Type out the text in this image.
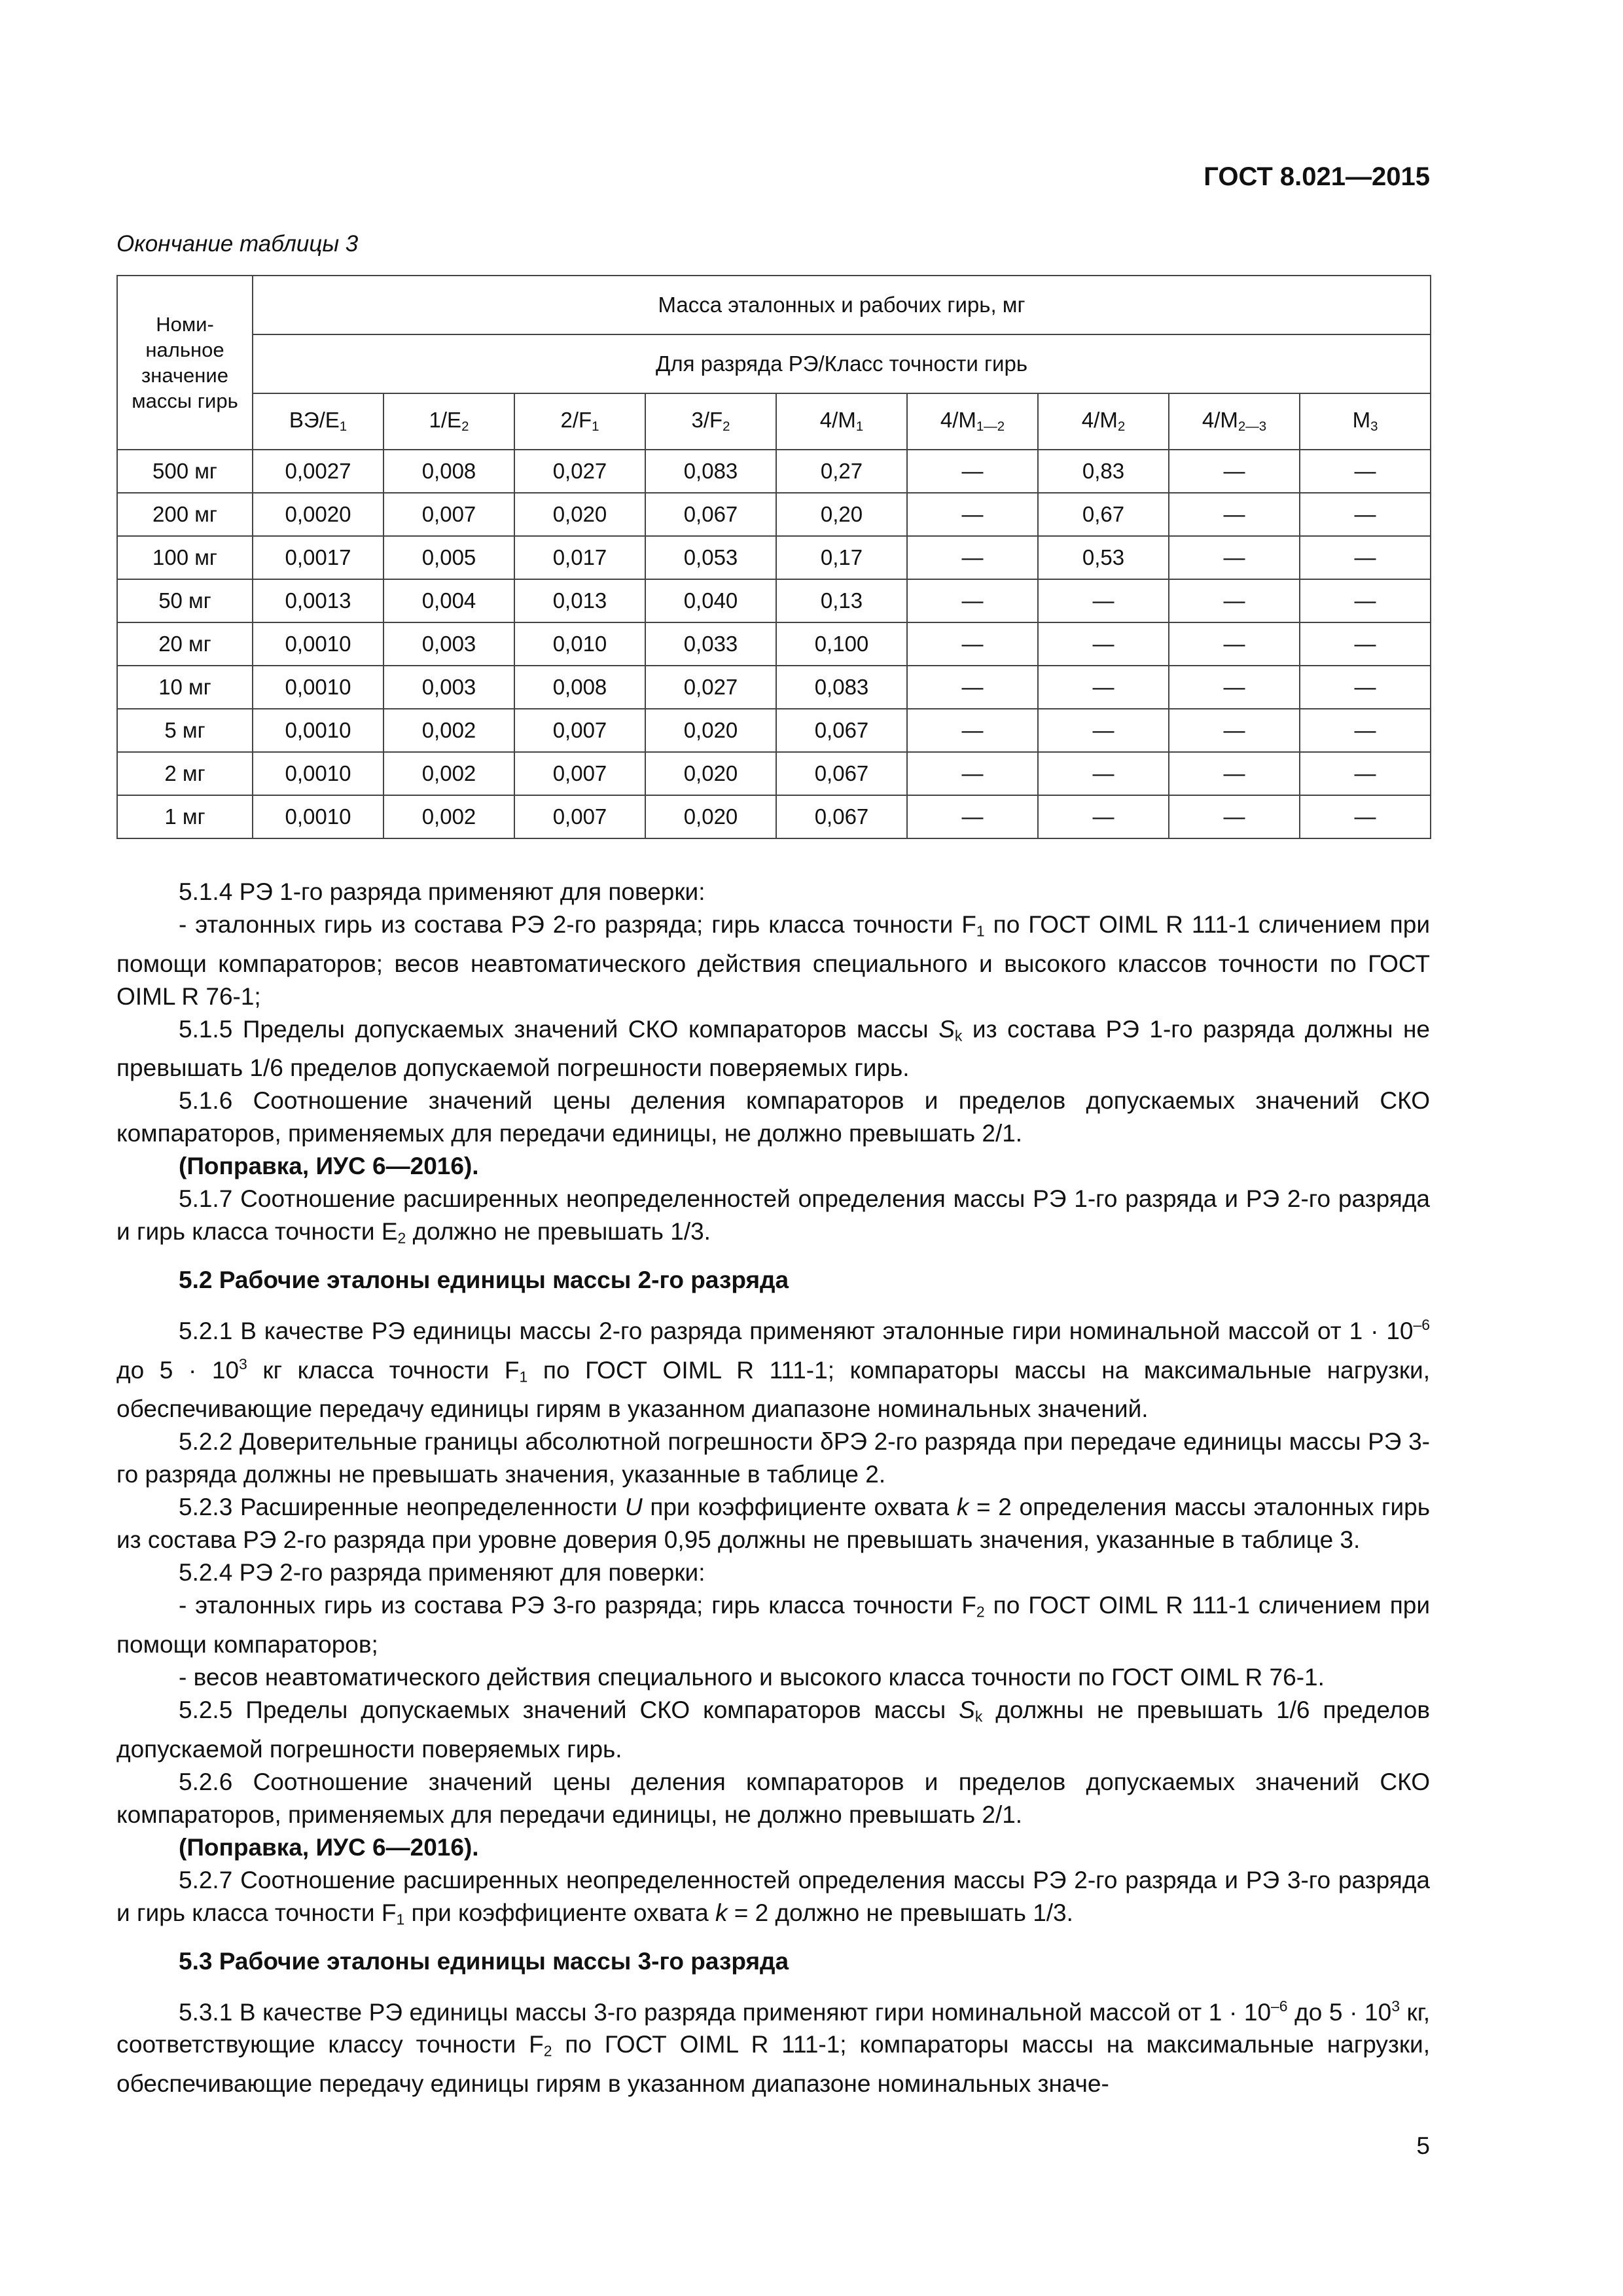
ГОСТ 8.021—2015
Окончание таблицы 3
Номи-
нальное
значение
массы гирь	Масса эталонных и рабочих гирь, мг								
	Для разряда РЭ/Класс точности гирь								
	$ВЭ/E_1$	$1/E_2$	$2/F_1$	$3/F_2$	$4/M_1$	$4/M_{1—2}$	$4/M_2$	$4/M_{2—3}$	$M_3$
500 мг	0,0027	0,008	0,027	0,083	0,27	—	0,83	—	—
200 мг	0,0020	0,007	0,020	0,067	0,20	—	0,67	—	—
100 мг	0,0017	0,005	0,017	0,053	0,17	—	0,53	—	—
50 мг	0,0013	0,004	0,013	0,040	0,13	—	—	—	—
20 мг	0,0010	0,003	0,010	0,033	0,100	—	—	—	—
10 мг	0,0010	0,003	0,008	0,027	0,083	—	—	—	—
5 мг	0,0010	0,002	0,007	0,020	0,067	—	—	—	—
2 мг	0,0010	0,002	0,007	0,020	0,067	—	—	—	—
1 мг	0,0010	0,002	0,007	0,020	0,067	—	—	—	—

5.1.4 РЭ 1-го разряда применяют для поверки:

- эталонных гирь из состава РЭ 2-го разряда; гирь класса точности $F_1$ по ГОСТ OIML R 111-1 сличением при помощи компараторов; весов неавтоматического действия специального и высокого классов точности по ГОСТ OIML R 76-1;

5.1.5 Пределы допускаемых значений СКО компараторов массы $S_k$ из состава РЭ 1-го разряда должны не превышать 1/6 пределов допускаемой погрешности поверяемых гирь.

5.1.6 Соотношение значений цены деления компараторов и пределов допускаемых значений СКО компараторов, применяемых для передачи единицы, не должно превышать 2/1.

(Поправка, ИУС 6—2016).

5.1.7 Соотношение расширенных неопределенностей определения массы РЭ 1-го разряда и РЭ 2-го разряда и гирь класса точности $E_2$ должно не превышать 1/3.

5.2 Рабочие эталоны единицы массы 2-го разряда

5.2.1 В качестве РЭ единицы массы 2-го разряда применяют эталонные гири номинальной массой от $1 \cdot 10^{-6}$ до $5 \cdot 10^3$ кг класса точности $F_1$ по ГОСТ OIML R 111-1; компараторы массы на максимальные нагрузки, обеспечивающие передачу единицы гирям в указанном диапазоне номинальных значений.

5.2.2 Доверительные границы абсолютной погрешности δРЭ 2-го разряда при передаче единицы массы РЭ 3-го разряда должны не превышать значения, указанные в таблице 2.

5.2.3 Расширенные неопределенности U при коэффициенте охвата k = 2 определения массы эталонных гирь из состава РЭ 2-го разряда при уровне доверия 0,95 должны не превышать значения, указанные в таблице 3.

5.2.4 РЭ 2-го разряда применяют для поверки:

- эталонных гирь из состава РЭ 3-го разряда; гирь класса точности $F_2$ по ГОСТ OIML R 111-1 сличением при помощи компараторов;

- весов неавтоматического действия специального и высокого класса точности по ГОСТ OIML R 76-1.

5.2.5 Пределы допускаемых значений СКО компараторов массы $S_k$ должны не превышать 1/6 пределов допускаемой погрешности поверяемых гирь.

5.2.6 Соотношение значений цены деления компараторов и пределов допускаемых значений СКО компараторов, применяемых для передачи единицы, не должно превышать 2/1.

(Поправка, ИУС 6—2016).

5.2.7 Соотношение расширенных неопределенностей определения массы РЭ 2-го разряда и РЭ 3-го разряда и гирь класса точности $F_1$ при коэффициенте охвата k = 2 должно не превышать 1/3.

5.3 Рабочие эталоны единицы массы 3-го разряда

5.3.1 В качестве РЭ единицы массы 3-го разряда применяют гири номинальной массой от $1 \cdot 10^{-6}$ до $5 \cdot 10^3$ кг, соответствующие классу точности $F_2$ по ГОСТ OIML R 111-1; компараторы массы на максимальные нагрузки, обеспечивающие передачу единицы гирям в указанном диапазоне номинальных значе-

5
